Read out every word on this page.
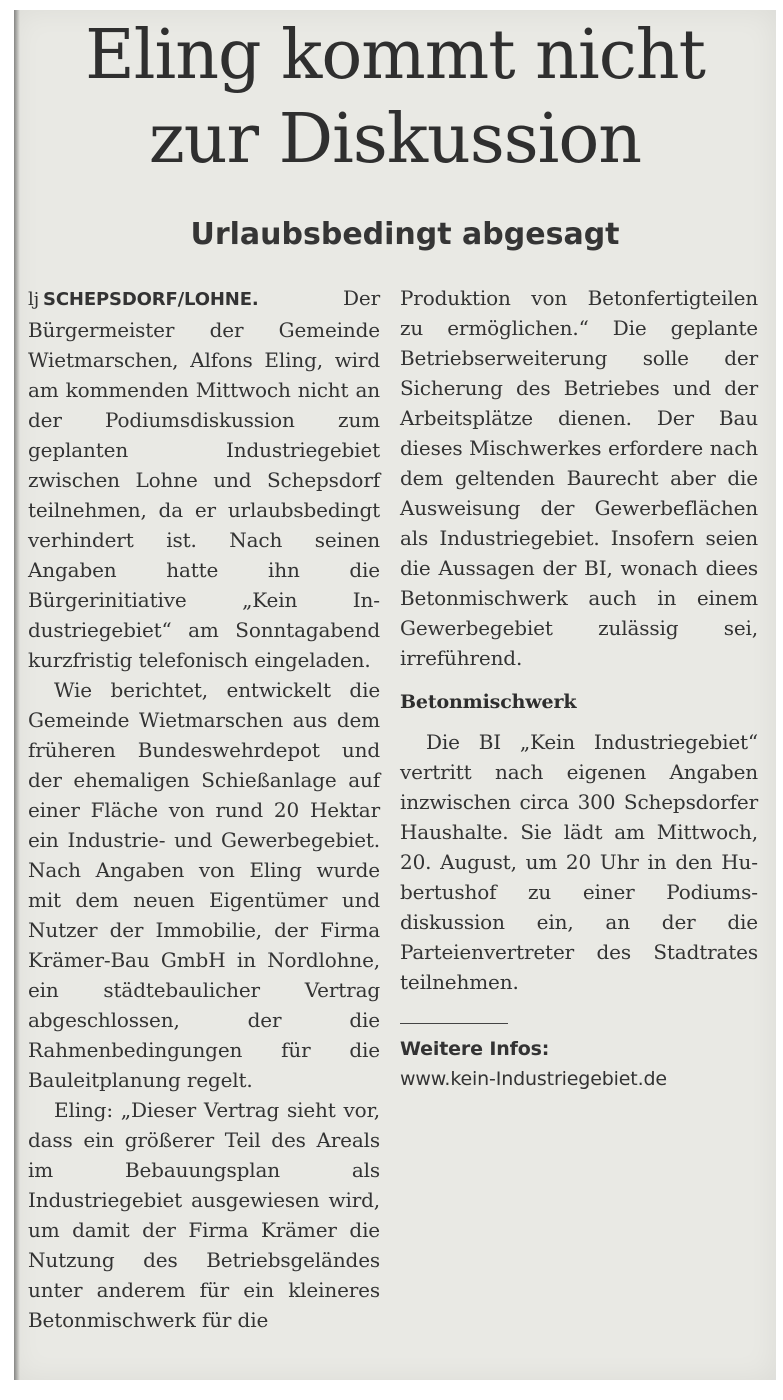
Eling kommt nicht
zur Diskussion
Urlaubsbedingt abgesagt

lj SCHEPSDORF/LOHNE. Der Bürgermeister der Gemeinde Wietmarschen, Alfons Eling, wird am kommenden Mittwoch nicht an der Podiumsdiskussion zum geplanten Industriegebiet zwischen Lohne und Schepsdorf teilnehmen, da er urlaubsbedingt verhindert ist. Nach seinen Angaben hatte ihn die Bürgerinitiative „Kein Industriegebiet“ am Sonntagabend kurzfristig telefonisch eingeladen.

Wie berichtet, entwickelt die Gemeinde Wietmarschen aus dem früheren Bundeswehrdepot und der ehemaligen Schießanlage auf einer Fläche von rund 20 Hektar ein Industrie- und Gewerbegebiet. Nach Angaben von Eling wurde mit dem neuen Eigentümer und Nutzer der Immobilie, der Firma Krämer-Bau GmbH in Nordlohne, ein städtebaulicher Vertrag abgeschlossen, der die Rahmenbedingungen für die Bauleitplanung regelt.

Eling: „Dieser Vertrag sieht vor, dass ein größerer Teil des Areals im Bebauungsplan als Industriegebiet ausgewiesen wird, um damit der Firma Krämer die Nutzung des Betriebsgeländes unter anderem für ein kleineres Betonmischwerk für die

Produktion von Betonfertigteilen zu ermöglichen.“ Die geplante Betriebserweiterung solle der Sicherung des Betriebes und der Arbeitsplätze dienen. Der Bau dieses Mischwerkes erfordere nach dem geltenden Baurecht aber die Ausweisung der Gewerbeflächen als Industriegebiet. Insofern seien die Aussagen der BI, wonach diees Betonmischwerk auch in einem Gewerbegebiet zulässig sei, irreführend.

Betonmischwerk

Die BI „Kein Industriegebiet“ vertritt nach eigenen Angaben inzwischen circa 300 Schepsdorfer Haushalte. Sie lädt am Mittwoch, 20. August, um 20 Uhr in den Hubertushof zu einer Podiumsdiskussion ein, an der die Parteienvertreter des Stadtrates teilnehmen.

Weitere Infos:

www.kein-Industriegebiet.de
